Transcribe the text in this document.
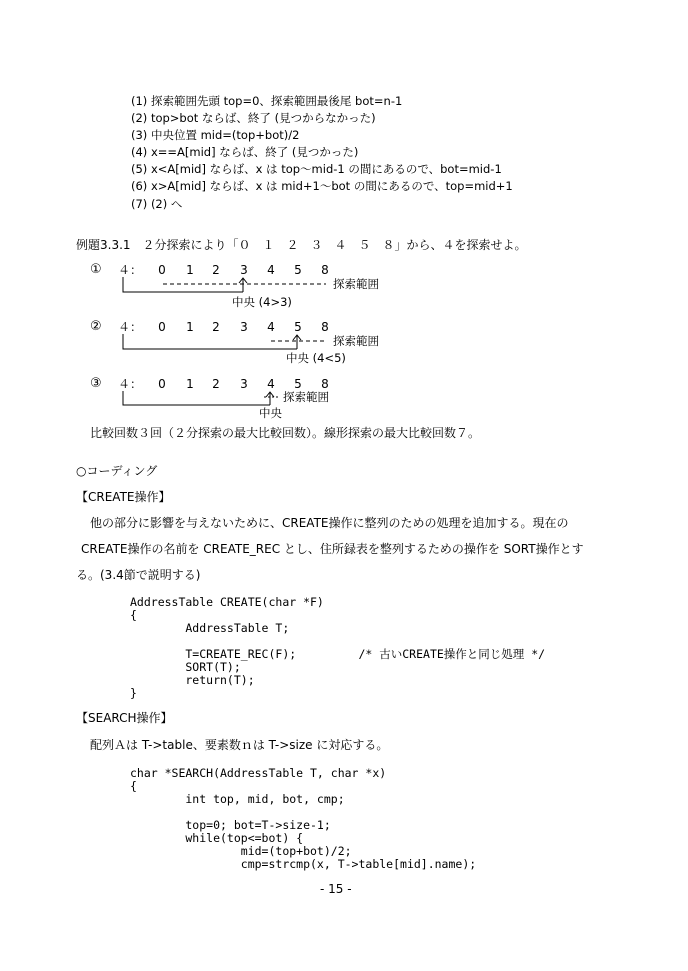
(1) 探索範囲先頭 top=0、探索範囲最後尾 bot=n-1
(2) top>bot ならば、終了 (見つからなかった)
(3) 中央位置 mid=(top+bot)/2
(4) x==A[mid] ならば、終了 (見つかった)
(5) x<A[mid] ならば、x は top〜mid-1 の間にあるので、bot=mid-1
(6) x>A[mid] ならば、x は mid+1〜bot の間にあるので、top=mid+1
(7) (2) へ
例題3.3.1　２分探索により「０　１　２　３　４　５　８」から、４を探索せよ。
① ４： 0 1 2 3 4 5 8
探索範囲
中央 (4>3)
② ４： 0 1 2 3 4 5 8
探索範囲
中央 (4<5)
③ ４： 0 1 2 3 4 5 8
探索範囲
中央
比較回数３回（２分探索の最大比較回数）。線形探索の最大比較回数７。
○コーディング
【CREATE操作】
他の部分に影響を与えないために、CREATE操作に整列のための処理を追加する。現在の
CREATE操作の名前を CREATE_REC とし、住所録表を整列するための操作を SORT操作とす
る。(3.4節で説明する)
AddressTable CREATE(char *F)
{
AddressTable T;
T=CREATE_REC(F);         /* 古いCREATE操作と同じ処理 */
SORT(T);
return(T);
}
【SEARCH操作】
配列Ａは T->table、要素数ｎは T->size に対応する。
char *SEARCH(AddressTable T, char *x)
{
int top, mid, bot, cmp;
top=0; bot=T->size-1;
while(top<=bot) {
mid=(top+bot)/2;
cmp=strcmp(x, T->table[mid].name);
- 15 -
